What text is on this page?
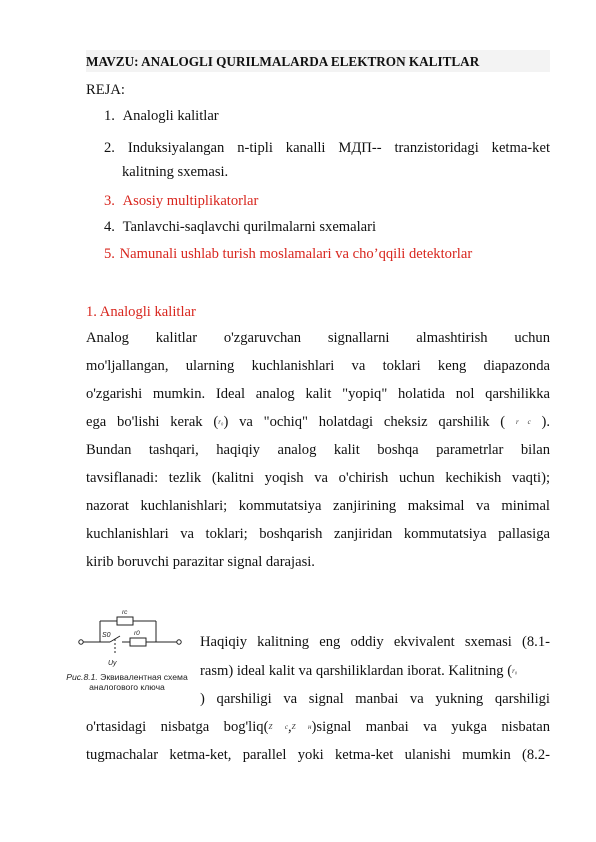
MAVZU: ANALOGLI QURILMALARDA ELEKTRON KALITLAR
REJA:
1. Analogli kalitlar
2. Induksiyalangan n-tipli kanalli МДП-- tranzistoridagi ketma-ket
kalitning sxemasi.
3. Asosiy multiplikatorlar
4. Tanlavchi-saqlavchi qurilmalarni sxemalari
5. Namunali ushlab turish moslamalari va cho’qqili detektorlar
1. Analogli kalitlar
Analog kalitlar o'zgaruvchan signallarni almashtirish uchun
mo'ljallangan, ularning kuchlanishlari va toklari keng diapazonda
o'zgarishi mumkin. Ideal analog kalit "yopiq" holatida nol qarshilikka
ega bo'lishi kerak (r₀) va "ochiq" holatdagi cheksiz qarshilik ( r c ).
Bundan tashqari, haqiqiy analog kalit boshqa parametrlar bilan
tavsiflanadi: tezlik (kalitni yoqish va o'chirish uchun kechikish vaqti);
nazorat kuchlanishlari; kommutatsiya zanjirining maksimal va minimal
kuchlanishlari va toklari; boshqarish zanjiridan kommutatsiya pallasiga
kirib boruvchi parazitar signal darajasi.
rc
r0
S0
Uy
Рис.8.1. Эквивалентная схема аналогового ключа
Haqiqiy kalitning eng oddiy ekvivalent sxemasi (8.1-
rasm) ideal kalit va qarshiliklardan iborat. Kalitning (r₀
) qarshiligi va signal manbai va yukning qarshiligi
o'rtasidagi nisbatga bog'liq(Z c,Z н)signal manbai va yukga nisbatan
tugmachalar ketma-ket, parallel yoki ketma-ket ulanishi mumkin (8.2-
